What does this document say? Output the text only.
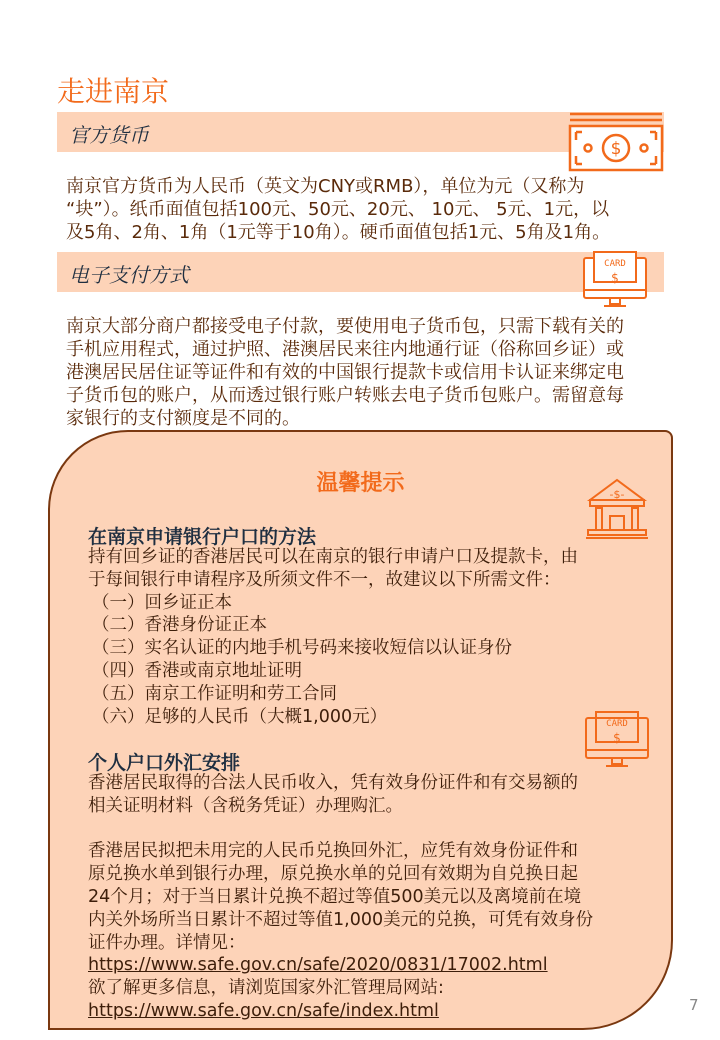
走进南京
官方货币
$
南京官方货币为人民币（英文为CNY或RMB），单位为元（又称为
“块”）。纸币面值包括100元、50元、20元、 10元、 5元、1元，以
及5角、2角、1角（1元等于10角）。硬币面值包括1元、5角及1角。
电子支付方式	CARD
$
南京大部分商户都接受电子付款，要使用电子货币包，只需下载有关的
手机应用程式，通过护照、港澳居民来往内地通行证（俗称回乡证）或
港澳居民居住证等证件和有效的中国银行提款卡或信用卡认证来绑定电
子货币包的账户，从而透过银行账户转账去电子货币包账户。需留意每
家银行的支付额度是不同的。
温馨提示	-$-
在南京申请银行户口的方法
持有回乡证的香港居民可以在南京的银行申请户口及提款卡，由
于每间银行申请程序及所须文件不一，故建议以下所需文件：
（一）回乡证正本
（二）香港身份证正本
（三）实名认证的内地手机号码来接收短信以认证身份
（四）香港或南京地址证明
（五）南京工作证明和劳工合同
（六）足够的人民币（大概1,000元）	CARD
$
个人户口外汇安排
香港居民取得的合法人民币收入，凭有效身份证件和有交易额的
相关证明材料（含税务凭证）办理购汇。
香港居民拟把未用完的人民币兑换回外汇，应凭有效身份证件和
原兑换水单到银行办理，原兑换水单的兑回有效期为自兑换日起
24个月；对于当日累计兑换不超过等值500美元以及离境前在境
内关外场所当日累计不超过等值1,000美元的兑换，可凭有效身份
证件办理。详情见：
https://www.safe.gov.cn/safe/2020/0831/17002.html
欲了解更多信息，请浏览国家外汇管理局网站:
https://www.safe.gov.cn/safe/index.html	7
